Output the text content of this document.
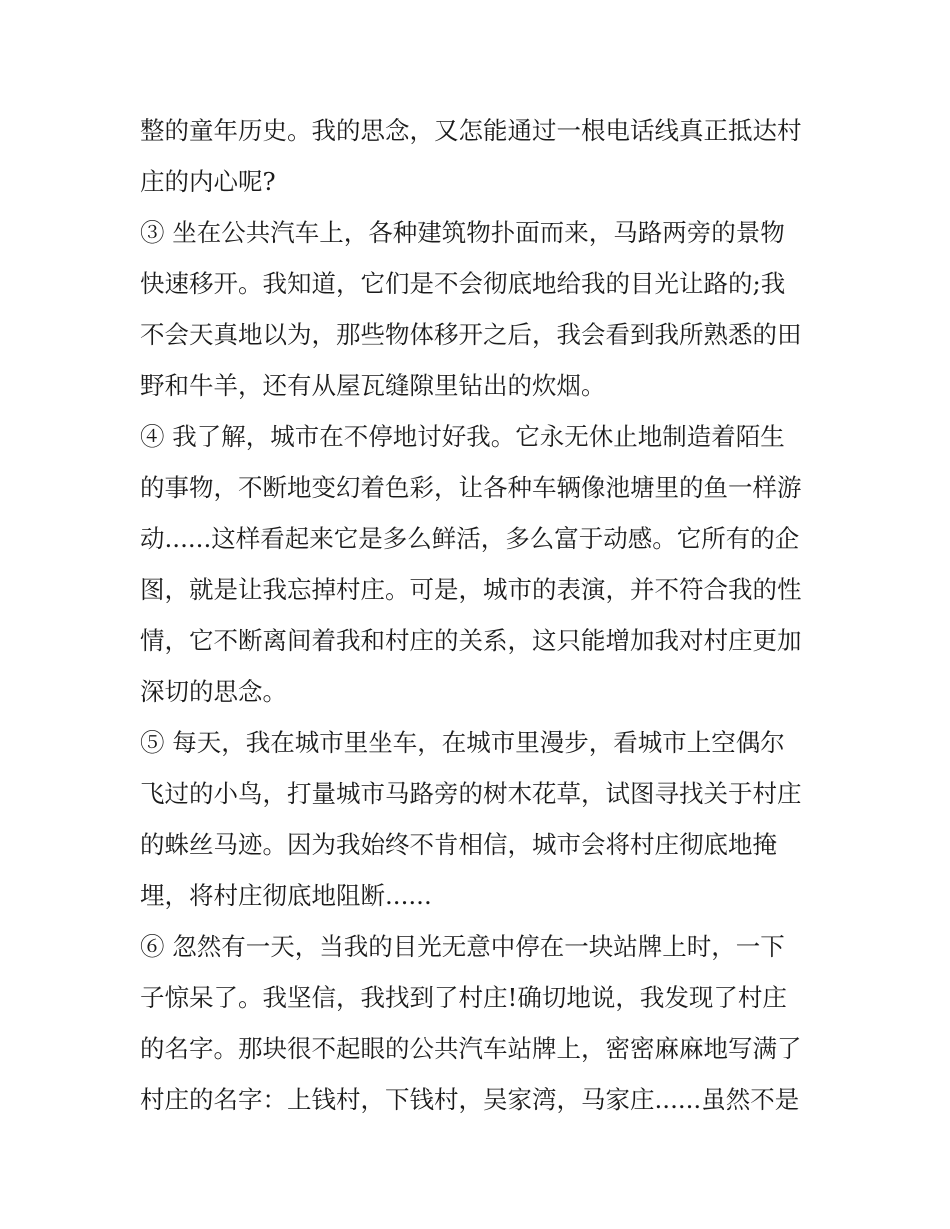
整的童年历史。我的思念，又怎能通过一根电话线真正抵达村
庄的内心呢?
③ 坐在公共汽车上，各种建筑物扑面而来，马路两旁的景物
快速移开。我知道，它们是不会彻底地给我的目光让路的;我
不会天真地以为，那些物体移开之后，我会看到我所熟悉的田
野和牛羊，还有从屋瓦缝隙里钻出的炊烟。
④ 我了解，城市在不停地讨好我。它永无休止地制造着陌生
的事物，不断地变幻着色彩，让各种车辆像池塘里的鱼一样游
动......这样看起来它是多么鲜活，多么富于动感。它所有的企
图，就是让我忘掉村庄。可是，城市的表演，并不符合我的性
情，它不断离间着我和村庄的关系，这只能增加我对村庄更加
深切的思念。
⑤ 每天，我在城市里坐车，在城市里漫步，看城市上空偶尔
飞过的小鸟，打量城市马路旁的树木花草，试图寻找关于村庄
的蛛丝马迹。因为我始终不肯相信，城市会将村庄彻底地掩
埋，将村庄彻底地阻断......
⑥ 忽然有一天，当我的目光无意中停在一块站牌上时，一下
子惊呆了。我坚信，我找到了村庄!确切地说，我发现了村庄
的名字。那块很不起眼的公共汽车站牌上，密密麻麻地写满了
村庄的名字：上钱村，下钱村，吴家湾，马家庄......虽然不是
